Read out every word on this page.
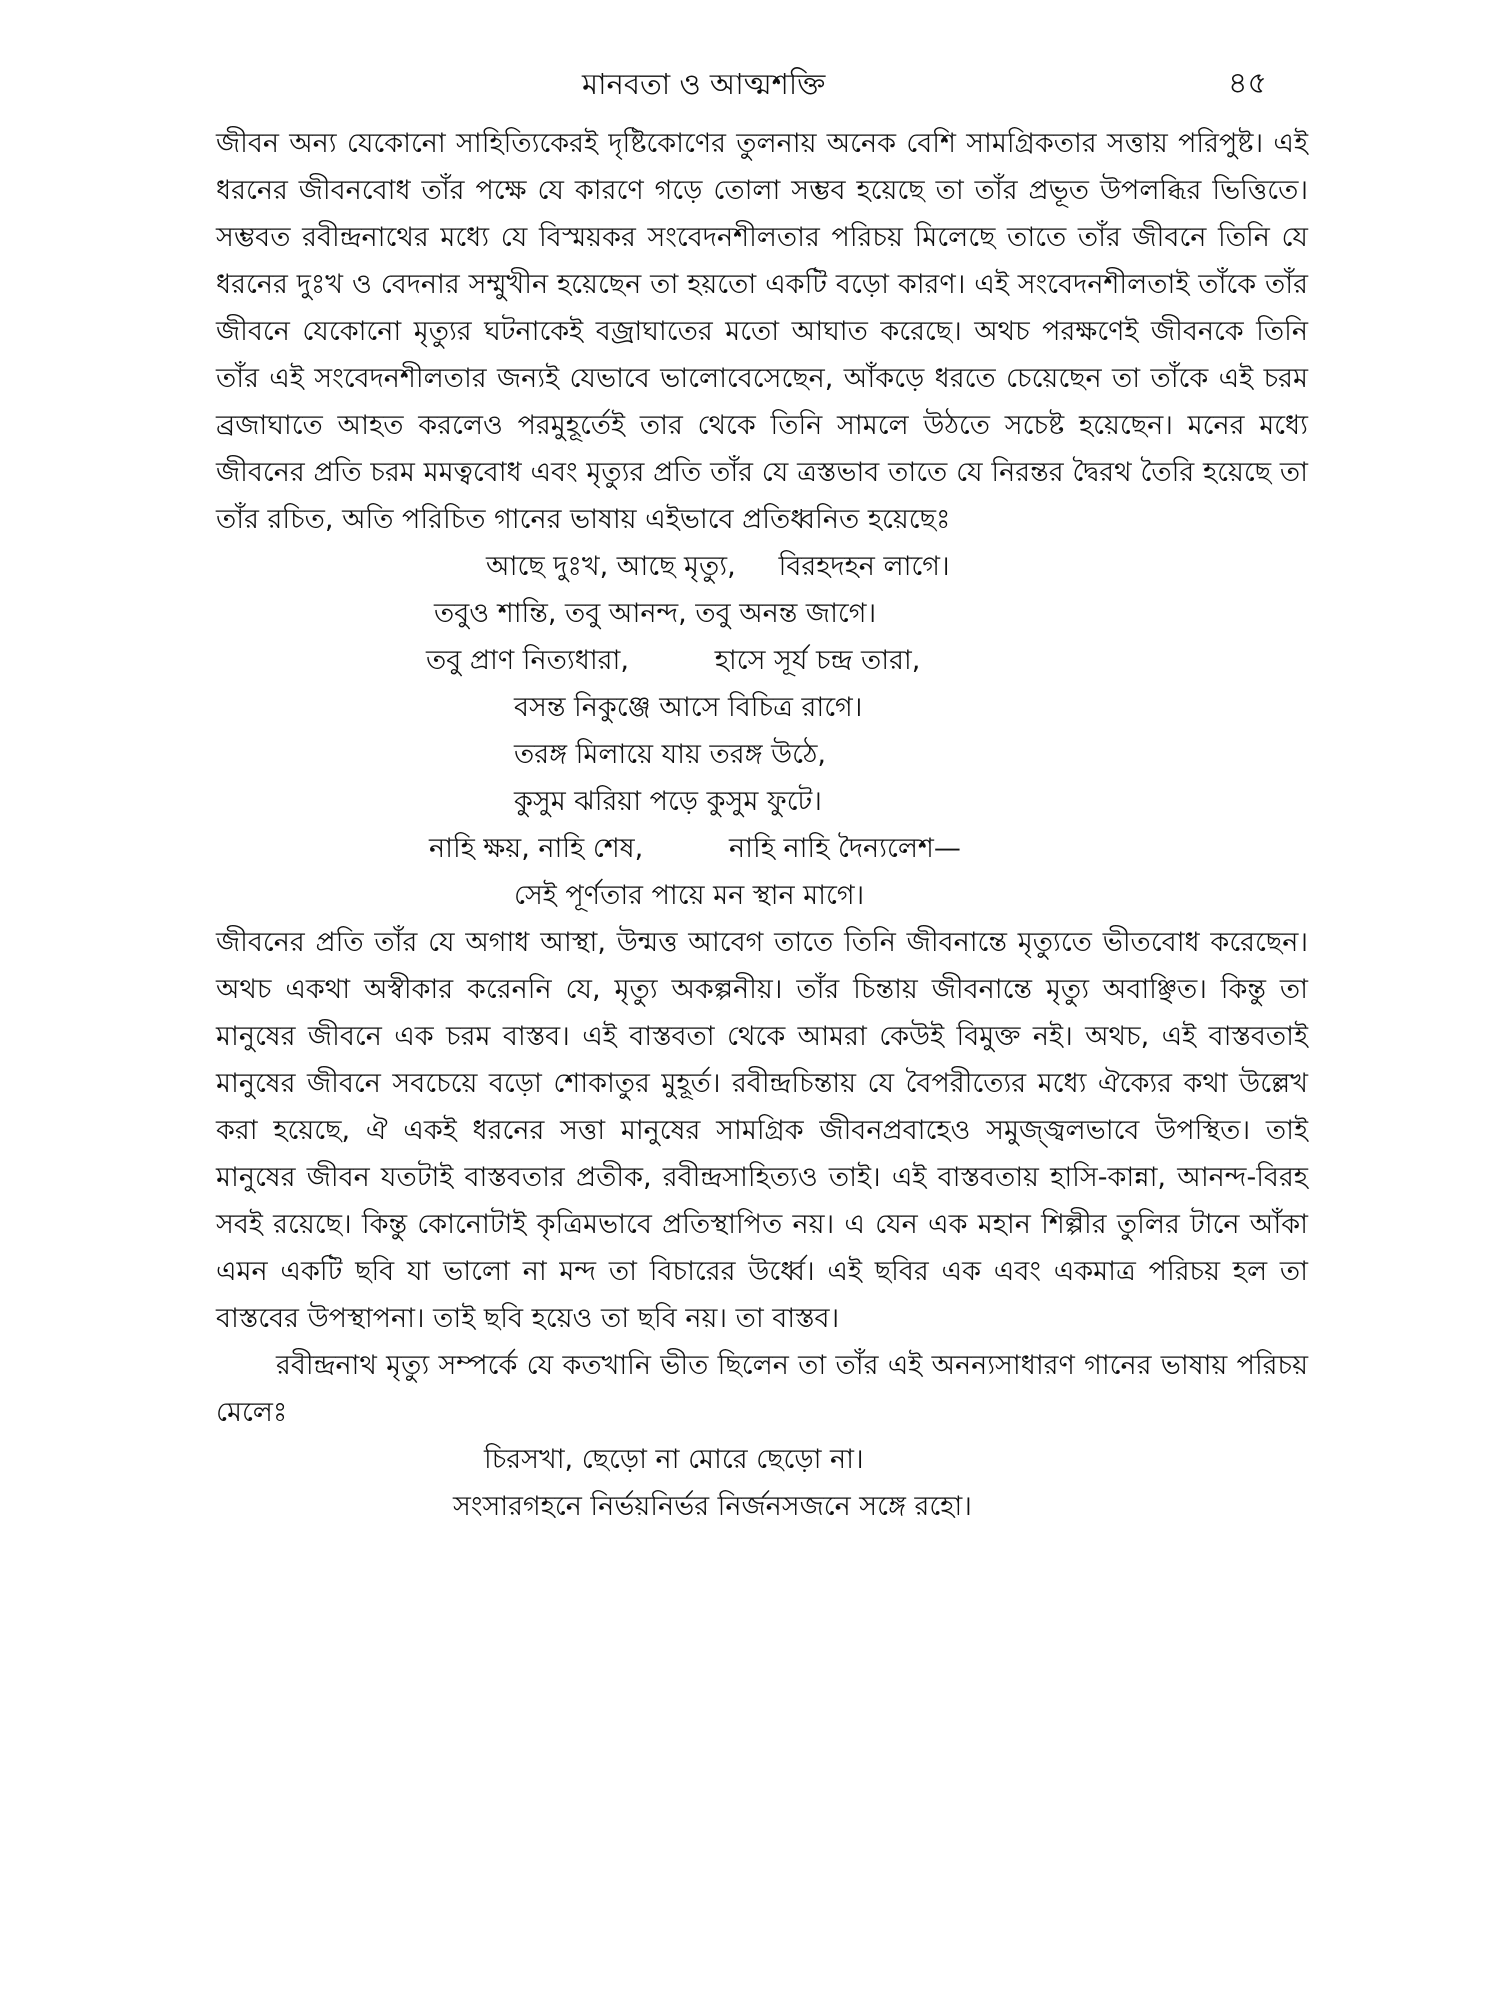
মানবতা ও আত্মশক্তি	৪৫

জীবন অন্য যেকোনো সাহিত্যিকেরই দৃষ্টিকোণের তুলনায় অনেক বেশি সামগ্রিকতার সত্তায় পরিপুষ্ট। এই ধরনের জীবনবোধ তাঁর পক্ষে যে কারণে গড়ে তোলা সম্ভব হয়েছে তা তাঁর প্রভূত উপলব্ধির ভিত্তিতে। সম্ভবত রবীন্দ্রনাথের মধ্যে যে বিস্ময়কর সংবেদনশীলতার পরিচয় মিলেছে তাতে তাঁর জীবনে তিনি যে ধরনের দুঃখ ও বেদনার সম্মুখীন হয়েছেন তা হয়তো একটি বড়ো কারণ। এই সংবেদনশীলতাই তাঁকে তাঁর জীবনে যেকোনো মৃত্যুর ঘটনাকেই বজ্রাঘাতের মতো আঘাত করেছে। অথচ পরক্ষণেই জীবনকে তিনি তাঁর এই সংবেদনশীলতার জন্যই যেভাবে ভালোবেসেছেন, আঁকড়ে ধরতে চেয়েছেন তা তাঁকে এই চরম ব্রজাঘাতে আহত করলেও পরমুহূর্তেই তার থেকে তিনি সামলে উঠতে সচেষ্ট হয়েছেন। মনের মধ্যে জীবনের প্রতি চরম মমত্ববোধ এবং মৃত্যুর প্রতি তাঁর যে ত্রস্তভাব তাতে যে নিরন্তর দ্বৈরথ তৈরি হয়েছে তা তাঁর রচিত, অতি পরিচিত গানের ভাষায় এইভাবে প্রতিধ্বনিত হয়েছেঃ

আছে দুঃখ, আছে মৃত্যু,     বিরহদহন লাগে।
তবুও শান্তি, তবু আনন্দ, তবু অনন্ত জাগে।
তবু প্রাণ নিত্যধারা,          হাসে সূর্য চন্দ্র তারা,
বসন্ত নিকুঞ্জে আসে বিচিত্র রাগে।
তরঙ্গ মিলায়ে যায় তরঙ্গ উঠে,
কুসুম ঝরিয়া পড়ে কুসুম ফুটে।
নাহি ক্ষয়, নাহি শেষ,          নাহি নাহি দৈন্যলেশ—
সেই পূর্ণতার পায়ে মন স্থান মাগে।

জীবনের প্রতি তাঁর যে অগাধ আস্থা, উন্মত্ত আবেগ তাতে তিনি জীবনান্তে মৃত্যুতে ভীতবোধ করেছেন। অথচ একথা অস্বীকার করেননি যে, মৃত্যু অকল্পনীয়। তাঁর চিন্তায় জীবনান্তে মৃত্যু অবাঞ্ছিত। কিন্তু তা মানুষের জীবনে এক চরম বাস্তব। এই বাস্তবতা থেকে আমরা কেউই বিমুক্ত নই। অথচ, এই বাস্তবতাই মানুষের জীবনে সবচেয়ে বড়ো শোকাতুর মুহূর্ত। রবীন্দ্রচিন্তায় যে বৈপরীত্যের মধ্যে ঐক্যের কথা উল্লেখ করা হয়েছে, ঐ একই ধরনের সত্তা মানুষের সামগ্রিক জীবনপ্রবাহেও সমুজ্জ্বলভাবে উপস্থিত। তাই মানুষের জীবন যতটাই বাস্তবতার প্রতীক, রবীন্দ্রসাহিত্যও তাই। এই বাস্তবতায় হাসি-কান্না, আনন্দ-বিরহ সবই রয়েছে। কিন্তু কোনোটাই কৃত্রিমভাবে প্রতিস্থাপিত নয়। এ যেন এক মহান শিল্পীর তুলির টানে আঁকা এমন একটি ছবি যা ভালো না মন্দ তা বিচারের উর্ধ্বে। এই ছবির এক এবং একমাত্র পরিচয় হল তা বাস্তবের উপস্থাপনা। তাই ছবি হয়েও তা ছবি নয়। তা বাস্তব।

রবীন্দ্রনাথ মৃত্যু সম্পর্কে যে কতখানি ভীত ছিলেন তা তাঁর এই অনন্যসাধারণ গানের ভাষায় পরিচয় মেলেঃ

চিরসখা, ছেড়ো না মোরে ছেড়ো না।
সংসারগহনে নির্ভয়নির্ভর নির্জনসজনে সঙ্গে রহো।
